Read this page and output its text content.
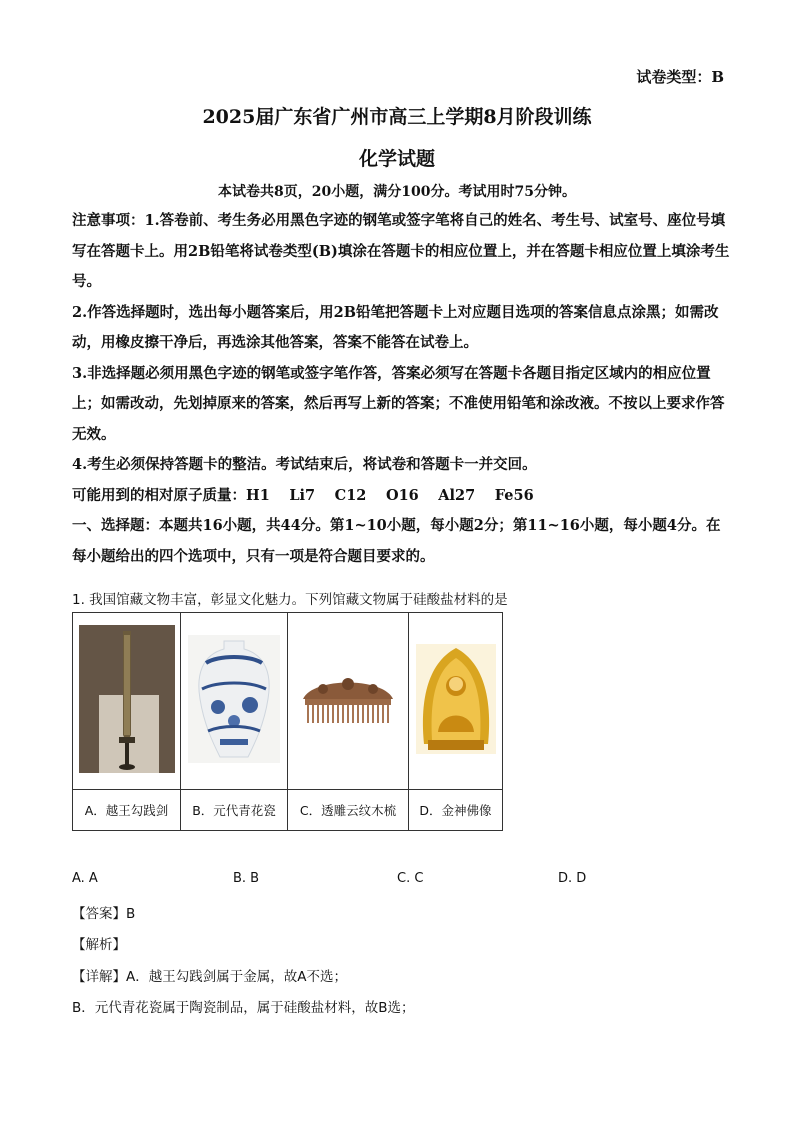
试卷类型：B
2025届广东省广州市高三上学期8月阶段训练
化学试题
本试卷共8页，20小题，满分100分。考试用时75分钟。

注意事项：1.答卷前、考生务必用黑色字迹的钢笔或签字笔将自己的姓名、考生号、试室号、座位号填写在答题卡上。用2B铅笔将试卷类型(B)填涂在答题卡的相应位置上，并在答题卡相应位置上填涂考生号。

2.作答选择题时，选出每小题答案后，用2B铅笔把答题卡上对应题目选项的答案信息点涂黑；如需改动，用橡皮擦干净后，再选涂其他答案，答案不能答在试卷上。

3.非选择题必须用黑色字迹的钢笔或签字笔作答，答案必须写在答题卡各题目指定区域内的相应位置上；如需改动，先划掉原来的答案，然后再写上新的答案；不准使用铅笔和涂改液。不按以上要求作答无效。

4.考生必须保持答题卡的整洁。考试结束后，将试卷和答题卡一并交回。

可能用到的相对原子质量：H1　 Li7　 C12　 O16　 Al27　 Fe56

一、选择题：本题共16小题，共44分。第1~10小题，每小题2分；第11~16小题，每小题4分。在每小题给出的四个选项中，只有一项是符合题目要求的。

1. 我国馆藏文物丰富，彰显文化魅力。下列馆藏文物属于硅酸盐材料的是

A．越王勾践剑	B．元代青花瓷	C．透雕云纹木梳	D．金神佛像
A. A	B. B	C. C	D. D
【答案】B
【解析】
【详解】A．越王勾践剑属于金属，故A不选；
B．元代青花瓷属于陶瓷制品，属于硅酸盐材料，故B选；
